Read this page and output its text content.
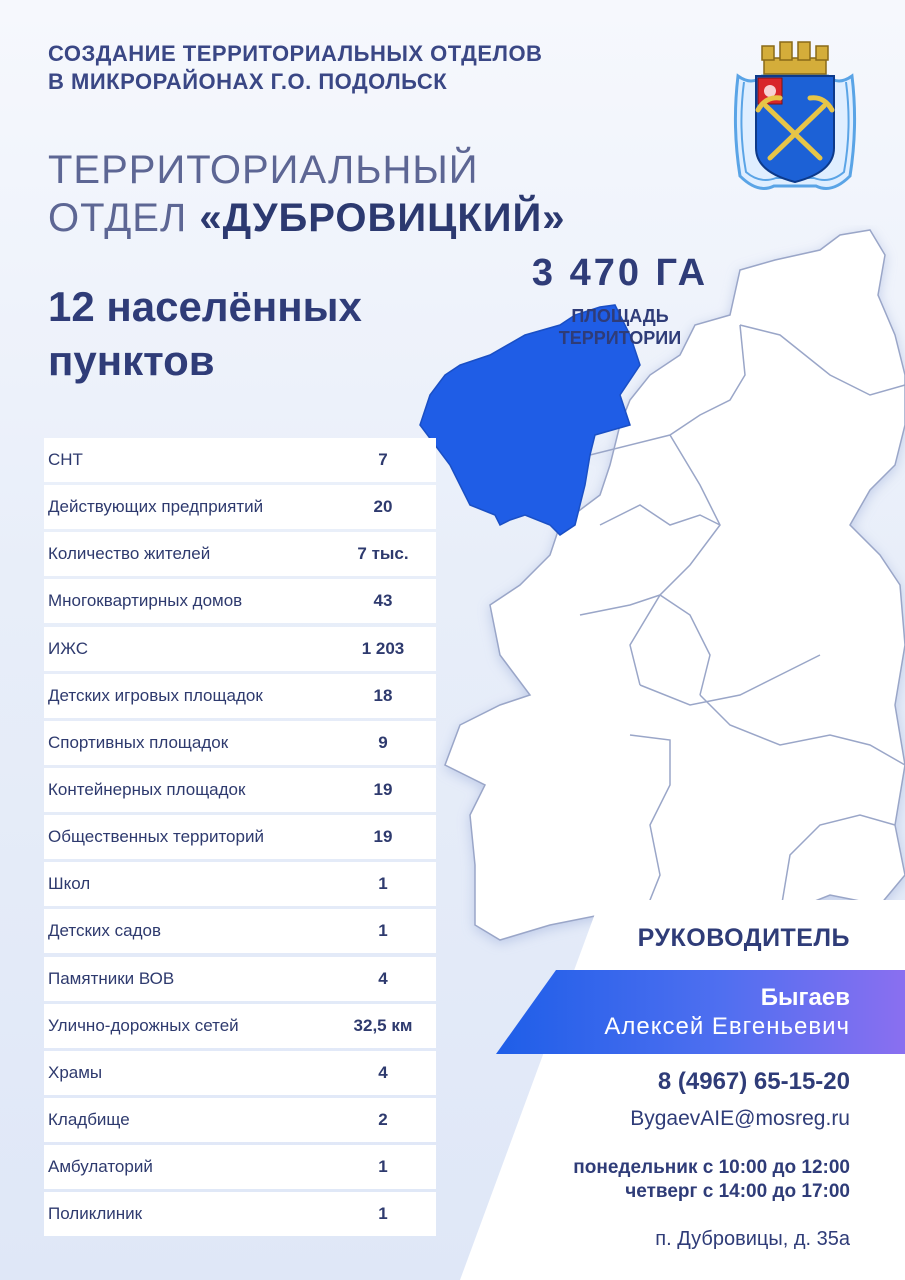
СОЗДАНИЕ ТЕРРИТОРИАЛЬНЫХ ОТДЕЛОВ
В МИКРОРАЙОНАХ Г.О. ПОДОЛЬСК
ТЕРРИТОРИАЛЬНЫЙ
ОТДЕЛ «ДУБРОВИЦКИЙ»
12 населённых
пунктов
3 470 ГА
ПЛОЩАДЬ
ТЕРРИТОРИИ
СНТ	7
Действующих предприятий	20
Количество жителей	7 тыс.
Многоквартирных домов	43
ИЖС	1 203
Детских игровых площадок	18
Спортивных площадок	9
Контейнерных площадок	19
Общественных территорий	19
Школ	1
Детских садов	1
Памятники ВОВ	4
Улично-дорожных сетей	32,5 км
Храмы	4
Кладбище	2
Амбулаторий	1
Поликлиник	1
РУКОВОДИТЕЛЬ
Быгаев
Алексей Евгеньевич
8 (4967) 65-15-20
BygaevAIE@mosreg.ru
понедельник с 10:00 до 12:00
четверг с 14:00 до 17:00
п. Дубровицы, д. 35а
